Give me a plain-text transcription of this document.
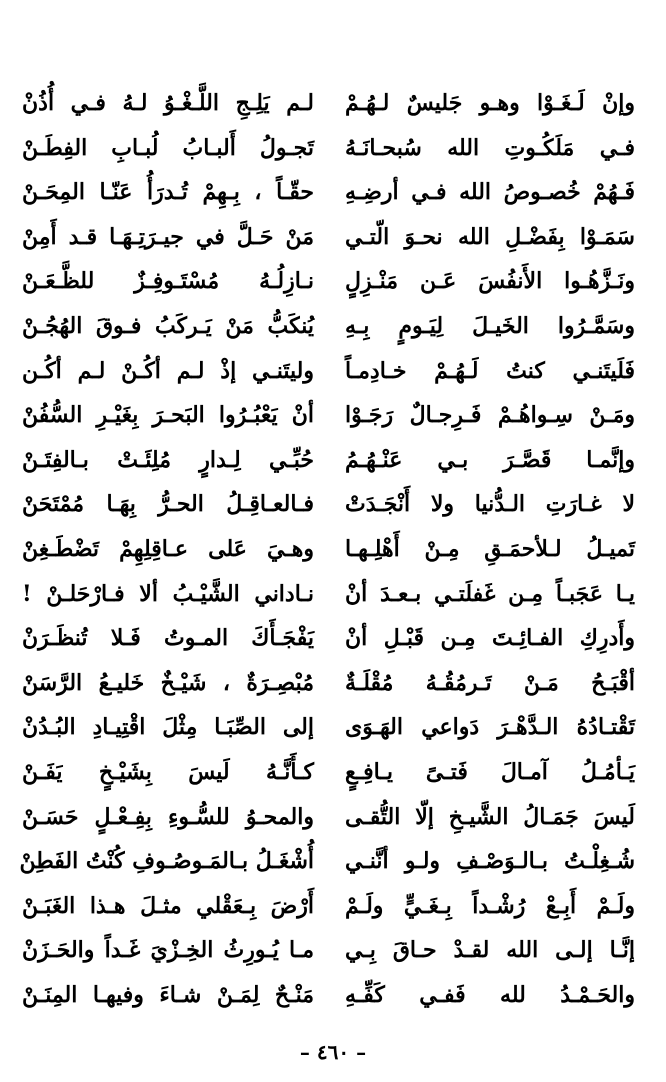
وإنْ لَـغَـوْا وهـو جَليسٌ لـهُـمْ
لـم يَلِـجِ اللَّـغْـوُ لـهُ فـي أُذُنْ
فـي مَلَكُـوتِ الله سُبحـانَـهُ
تَجـولُ أَلبـابُ لُبـابِ الفِطَـنْ
فَـهُمْ خُصـوصُ الله فـي أرضِـهِ
حقّـاً ، بِـهِمْ تُـدرَأُ عَنّـا المِحَـنْ
سَمَـوْا بِفَضْـلِ الله نحـوَ الّتـي
مَنْ حَـلَّ في جيـرَتِـهَـا قـد أَمِنْ
ونَـزَّهُـوا الأَنفُسَ عَـن مَنْـزِلٍ
نـازِلُـهُ مُسْتَـوفِـزٌ للظَّـعَـنْ
وسَمَّـرُوا الخَيـلَ لِيَـومٍ بِـهِ
يُنكَبُّ مَنْ يَـركَبُ فـوقَ الهُجُـنْ
فَلَيتَنـي كنتُ لَـهُـمْ خـادِمـاً
وليتَنـي إذْ لـم أكُـنْ لـم أكُـن
ومَـنْ سِـواهُـمْ فَـرِجـالٌ رَجَـوْا
أنْ يَعْبُـرُوا البَحـرَ بِغَيْـرِ السُّفُنْ
وإنَّمـا قَصَّـرَ بـي عَنْـهُـمُ
حُبِّـي لِـدارٍ مُلِئَـتْ بـالفِتَـنْ
لا غـارَتِ الـدُّنيا ولا أَنْجَـدَتْ
فـالعـاقِـلُ الحـرُّ بِهَـا مُمْتَحَنْ
تَميـلُ لـلأحمَـقِ مِـنْ أَهْلِـهـا
وهـيَ عَلى عـاقِلِهِمْ تَضْطَـغِنْ
يـا عَجَبـاً مِـن غَفلَتـي بـعـدَ أنْ
نـاداني الشَّيْـبُ ألا فـارْحَلـنْ !
وأَدرِكِ الفـائِـتَ مِـن قَبْـلِ أنْ
يَفْجَـأَكَ المـوتُ فَـلا تُنظَـرَنْ
أقْبَـحُ مَـنْ تَـرمُقُـهُ مُقْلَـةٌ
مُبْصِـرَةٌ ، شَيْـخٌ خَليـعُ الرَّسَنْ
تَقْتـادُهُ الـدَّهْـرَ دَواعي الهَـوَى
إلى الصِّبَـا مِثْلَ اقْتِيـادِ البُـدُنْ
يَـأمُـلُ آمـالَ فَتـىً يـافِـعٍ
كـأَنَّـهُ لَيسَ بِشَيْـخٍ يَفَـنْ
لَيسَ جَمَـالُ الشَّيـخِ إلّا التُّقـى
والمحـوُ للسُّـوءِ بِفِـعْـلٍ حَسَـنْ
شُـغِلْـتُ بـالـوَصْـفِ ولـو أنَّنـي
أُشْغَـلُ بـالمَـوصُـوفِ كُنْتُ الفَطِنْ
ولَـمْ أَبِـعْ رُشْـداً بِـغَـيٍّ ولَـمْ
أَرْضَ بِـعَقْلي مثـلَ هـذا الغَبَـنْ
إنَّـا إلـى الله لقـدْ حـاقَ بِـي
مـا يُـورِثُ الخِـزْيَ غَـداً والحَـزَنْ
والحَـمْـدُ لله فَفـي كَفِّـهِ
مَنْـحٌ لِمَـنْ شـاءَ وفيهـا المِنَـنْ
– ٤٦٠ –
